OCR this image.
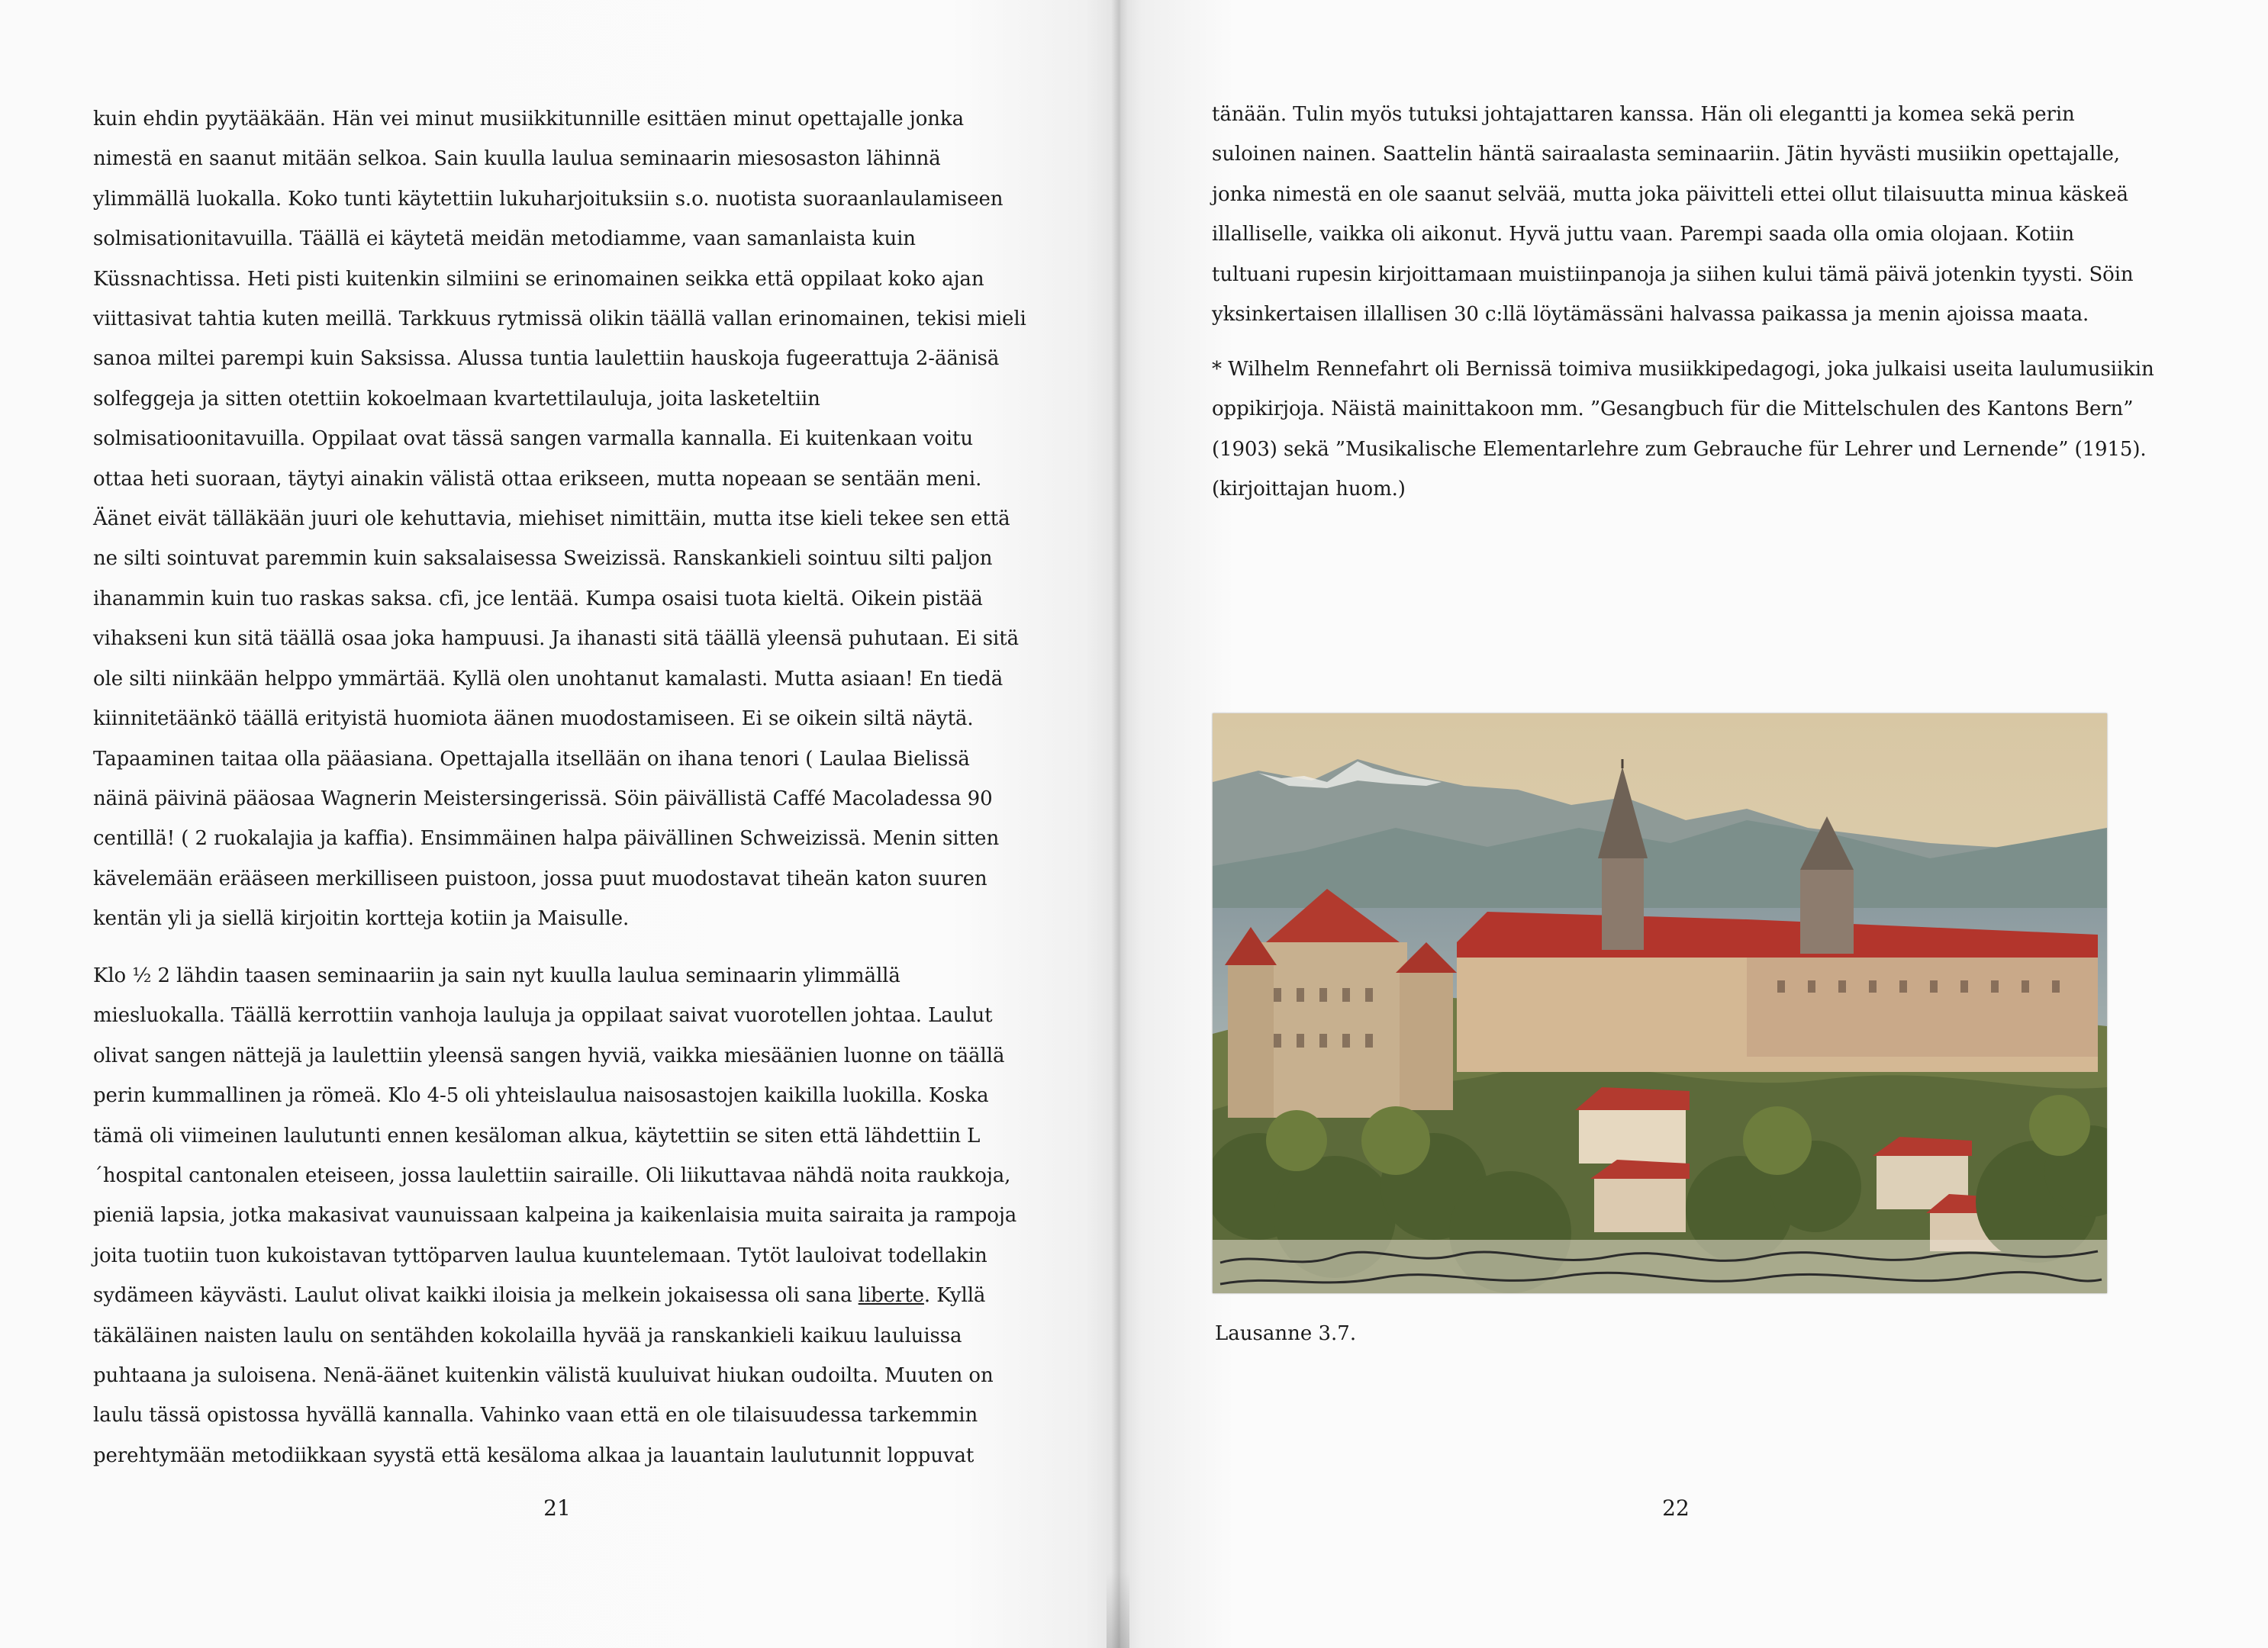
kuin ehdin pyytääkään. Hän vei minut musiikkitunnille esittäen minut opettajalle jonka nimestä en saanut mitään selkoa. Sain kuulla laulua seminaarin miesosaston lähinnä ylimmällä luokalla. Koko tunti käytettiin lukuharjoituksiin s.o. nuotista suoraanlaulamiseen solmisationitavuilla. Täällä ei käytetä meidän metodiamme, vaan samanlaista kuin Küssnachtissa. Heti pisti kuitenkin silmiini se erinomainen seikka että oppilaat koko ajan viittasivat tahtia kuten meillä. Tarkkuus rytmissä olikin täällä vallan erinomainen, tekisi mieli sanoa miltei parempi kuin Saksissa. Alussa tuntia laulettiin hauskoja fugeerattuja 2-äänisä solfeggeja ja sitten otettiin kokoelmaan kvartettilauluja, joita lasketeltiin solmisatioonitavuilla. Oppilaat ovat tässä sangen varmalla kannalla. Ei kuitenkaan voitu ottaa heti suoraan, täytyi ainakin välistä ottaa erikseen, mutta nopeaan se sentään meni. Äänet eivät tälläkään juuri ole kehuttavia, miehiset nimittäin, mutta itse kieli tekee sen että ne silti sointuvat paremmin kuin saksalaisessa Sweizissä. Ranskankieli sointuu silti paljon ihanammin kuin tuo raskas saksa. cfi, jce lentää. Kumpa osaisi tuota kieltä. Oikein pistää vihakseni kun sitä täällä osaa joka hampuusi. Ja ihanasti sitä täällä yleensä puhutaan. Ei sitä ole silti niinkään helppo ymmärtää. Kyllä olen unohtanut kamalasti. Mutta asiaan! En tiedä kiinnitetäänkö täällä erityistä huomiota äänen muodostamiseen. Ei se oikein siltä näytä. Tapaaminen taitaa olla pääasiana. Opettajalla itsellään on ihana tenori ( Laulaa Bielissä näinä päivinä pääosaa Wagnerin Meistersingerissä. Söin päivällistä Caffé Macoladessa 90 centillä! ( 2 ruokalajia ja kaffia). Ensimmäinen halpa päivällinen Schweizissä. Menin sitten kävelemään erääseen merkilliseen puistoon, jossa puut muodostavat tiheän katon suuren kentän yli ja siellä kirjoitin kortteja kotiin ja Maisulle.

Klo ½ 2 lähdin taasen seminaariin ja sain nyt kuulla laulua seminaarin ylimmällä miesluokalla. Täällä kerrottiin vanhoja lauluja ja oppilaat saivat vuorotellen johtaa. Laulut olivat sangen nättejä ja laulettiin yleensä sangen hyviä, vaikka miesäänien luonne on täällä perin kummallinen ja römeä. Klo 4-5 oli yhteislaulua naisosastojen kaikilla luokilla. Koska tämä oli viimeinen laulutunti ennen kesäloman alkua, käytettiin se siten että lähdettiin L´hospital cantonalen eteiseen, jossa laulettiin sairaille. Oli liikuttavaa nähdä noita raukkoja, pieniä lapsia, jotka makasivat vaunuissaan kalpeina ja kaikenlaisia muita sairaita ja rampoja joita tuotiin tuon kukoistavan tyttöparven laulua kuuntelemaan. Tytöt lauloivat todellakin sydämeen käyvästi. Laulut olivat kaikki iloisia ja melkein jokaisessa oli sana liberte. Kyllä täkäläinen naisten laulu on sentähden kokolailla hyvää ja ranskankieli kaikuu lauluissa puhtaana ja suloisena. Nenä-äänet kuitenkin välistä kuuluivat hiukan oudoilta. Muuten on laulu tässä opistossa hyvällä kannalla. Vahinko vaan että en ole tilaisuudessa tarkemmin perehtymään metodiikkaan syystä että kesäloma alkaa ja lauantain laulutunnit loppuvat

21

tänään. Tulin myös tutuksi johtajattaren kanssa. Hän oli elegantti ja komea sekä perin suloinen nainen. Saattelin häntä sairaalasta seminaariin. Jätin hyvästi musiikin opettajalle, jonka nimestä en ole saanut selvää, mutta joka päivitteli ettei ollut tilaisuutta minua käskeä illalliselle, vaikka oli aikonut. Hyvä juttu vaan. Parempi saada olla omia olojaan. Kotiin tultuani rupesin kirjoittamaan muistiinpanoja ja siihen kului tämä päivä jotenkin tyysti. Söin yksinkertaisen illallisen 30 c:llä löytämässäni halvassa paikassa ja menin ajoissa maata.

* Wilhelm Rennefahrt oli Bernissä toimiva musiikkipedagogi, joka julkaisi useita laulumusiikin oppikirjoja. Näistä mainittakoon mm. ”Gesangbuch für die Mittelschulen des Kantons Bern” (1903) sekä ”Musikalische Elementarlehre zum Gebrauche für Lehrer und Lernende” (1915). (kirjoittajan huom.)

Lausanne 3.7.
22
